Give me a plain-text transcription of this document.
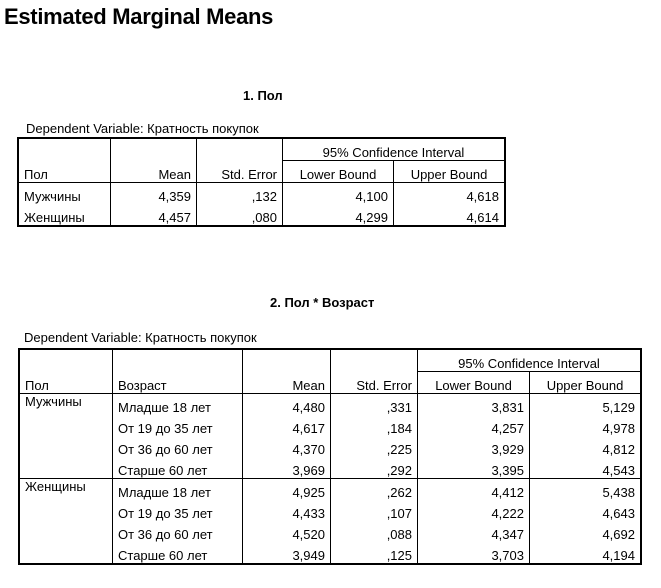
Estimated Marginal Means
1. Пол
Dependent Variable: Кратность покупок
			95% Confidence Interval	
Пол	Mean	Std. Error	Lower Bound	Upper Bound
Мужчины	4,359	,132	4,100	4,618
Женщины	4,457	,080	4,299	4,614
2. Пол * Возраст
Dependent Variable: Кратность покупок
				95% Confidence Interval	
Пол	Возраст	Mean	Std. Error	Lower Bound	Upper Bound
Мужчины	Младше 18 лет	4,480	,331	3,831	5,129
	От 19 до 35 лет	4,617	,184	4,257	4,978
	От 36 до 60 лет	4,370	,225	3,929	4,812
	Старше 60 лет	3,969	,292	3,395	4,543
Женщины	Младше 18 лет	4,925	,262	4,412	5,438
	От 19 до 35 лет	4,433	,107	4,222	4,643
	От 36 до 60 лет	4,520	,088	4,347	4,692
	Старше 60 лет	3,949	,125	3,703	4,194
